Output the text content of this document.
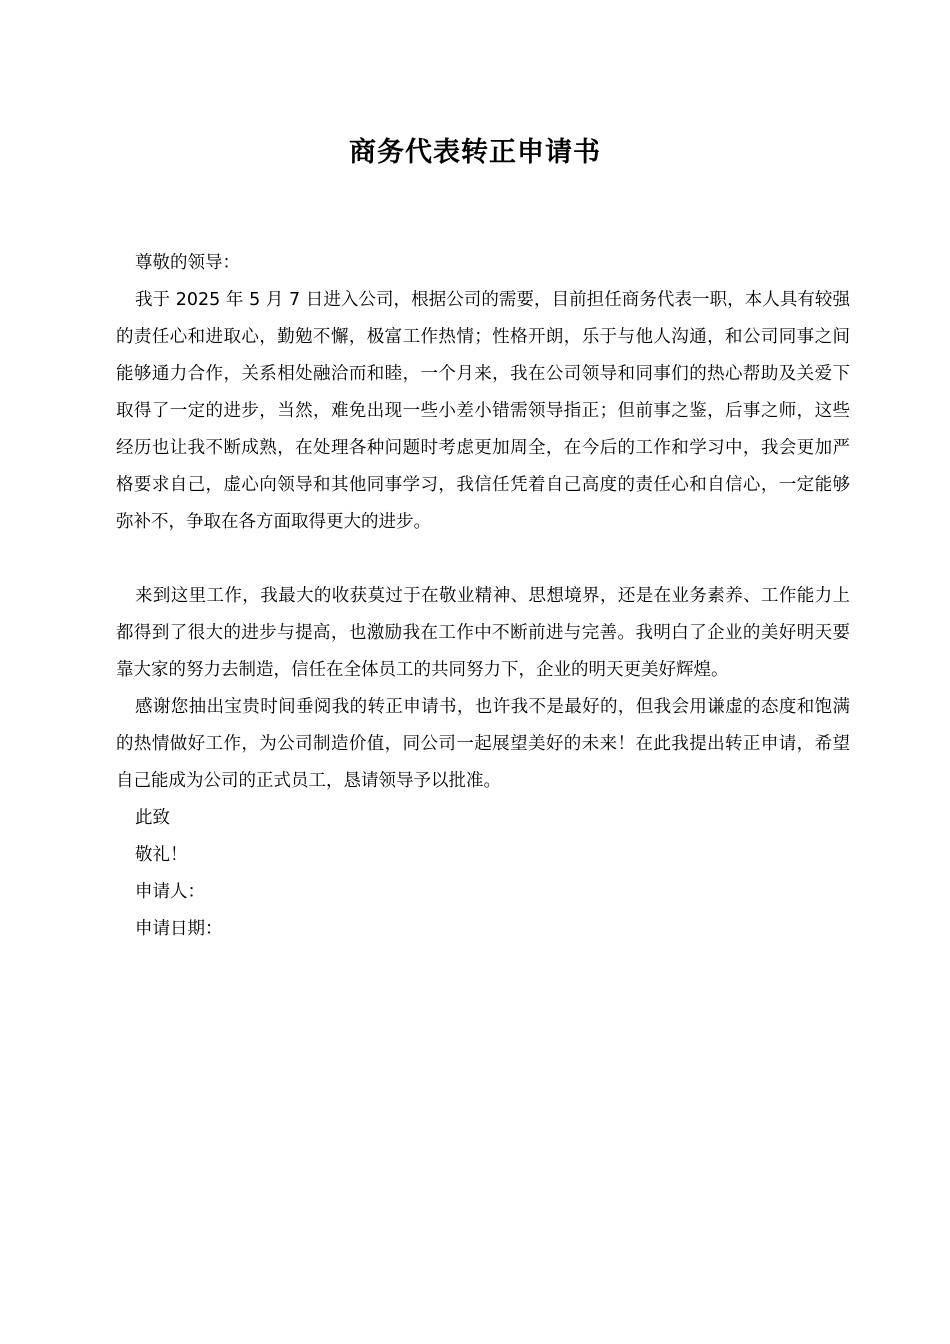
商务代表转正申请书

尊敬的领导：

我于 2025 年 5 月 7 日进入公司，根据公司的需要，目前担任商务代表一职，本人具有较强的责任心和进取心，勤勉不懈，极富工作热情；性格开朗，乐于与他人沟通，和公司同事之间能够通力合作，关系相处融洽而和睦，一个月来，我在公司领导和同事们的热心帮助及关爱下取得了一定的进步，当然，难免出现一些小差小错需领导指正；但前事之鉴，后事之师，这些经历也让我不断成熟，在处理各种问题时考虑更加周全，在今后的工作和学习中，我会更加严格要求自己，虚心向领导和其他同事学习，我信任凭着自己高度的责任心和自信心，一定能够弥补不，争取在各方面取得更大的进步。

来到这里工作，我最大的收获莫过于在敬业精神、思想境界，还是在业务素养、工作能力上都得到了很大的进步与提高，也激励我在工作中不断前进与完善。我明白了企业的美好明天要靠大家的努力去制造，信任在全体员工的共同努力下，企业的明天更美好辉煌。

感谢您抽出宝贵时间垂阅我的转正申请书，也许我不是最好的，但我会用谦虚的态度和饱满的热情做好工作，为公司制造价值，同公司一起展望美好的未来！在此我提出转正申请，希望自己能成为公司的正式员工，恳请领导予以批准。

此致

敬礼！

申请人：

申请日期：
